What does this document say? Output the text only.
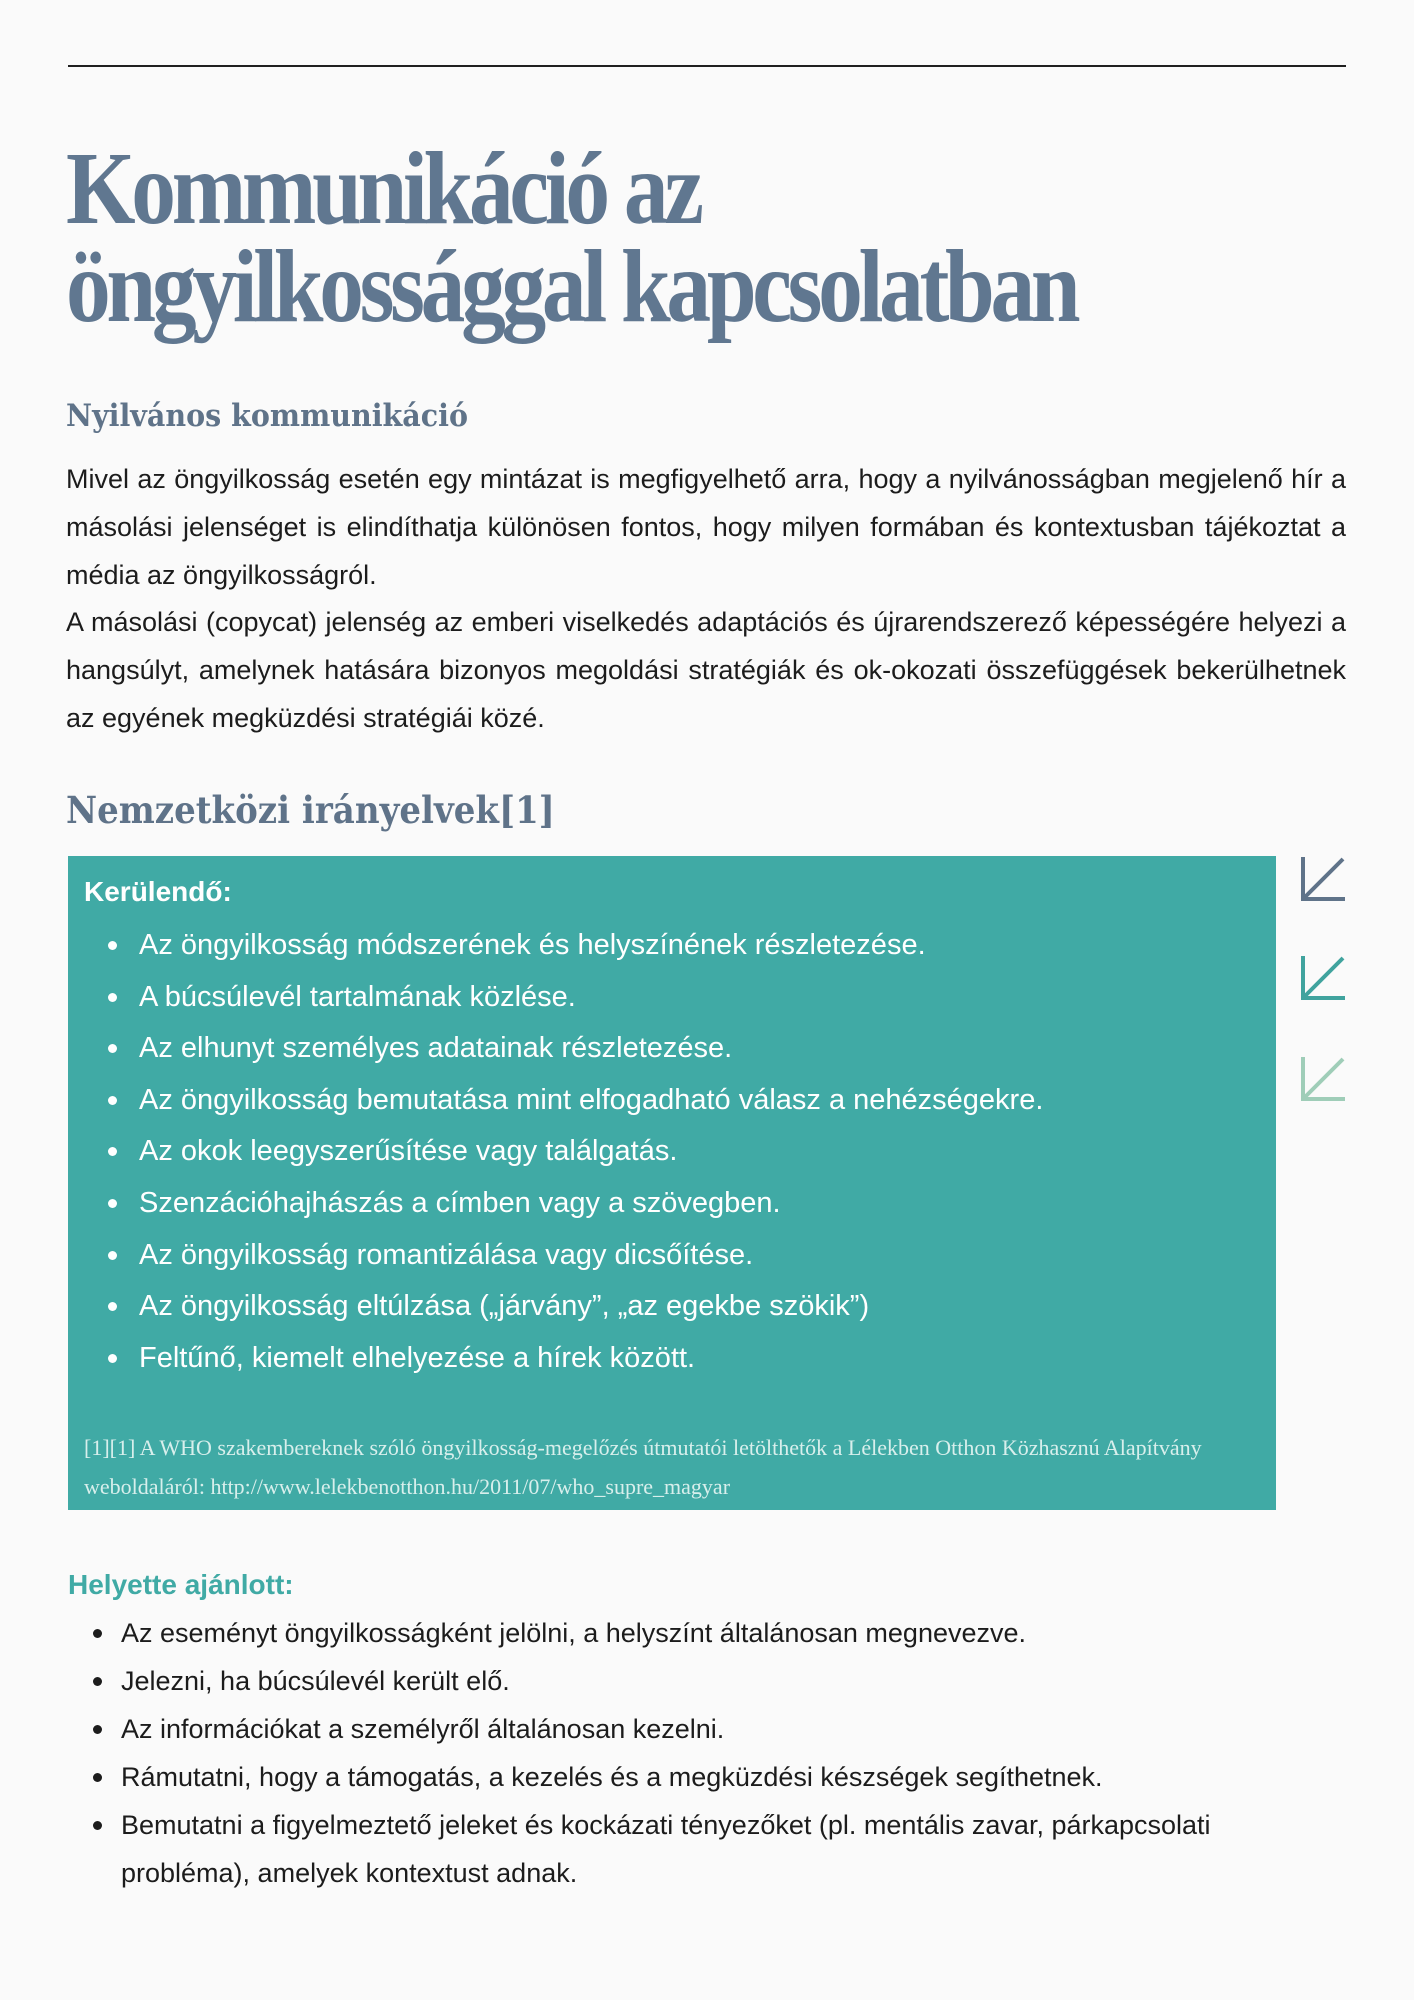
Kommunikáció az
öngyilkossággal kapcsolatban
Nyilvános kommunikáció

Mivel az öngyilkosság esetén egy mintázat is megfigyelhető arra, hogy a nyilvánosságban megjelenő hír a másolási jelenséget is elindíthatja különösen fontos, hogy milyen formában és kontextusban tájékoztat a média az öngyilkosságról.

A másolási (copycat) jelenség az emberi viselkedés adaptációs és újrarendszerező képességére helyezi a hangsúlyt, amelynek hatására bizonyos megoldási stratégiák és ok-okozati összefüggések bekerülhetnek az egyének megküzdési stratégiái közé.

Nemzetközi irányelvek[1]
Kerülendő:
Az öngyilkosság módszerének és helyszínének részletezése.
A búcsúlevél tartalmának közlése.
Az elhunyt személyes adatainak részletezése.
Az öngyilkosság bemutatása mint elfogadható válasz a nehézségekre.
Az okok leegyszerűsítése vagy találgatás.
Szenzációhajhászás a címben vagy a szövegben.
Az öngyilkosság romantizálása vagy dicsőítése.
Az öngyilkosság eltúlzása („járvány”, „az egekbe szökik”)
Feltűnő, kiemelt elhelyezése a hírek között.

[1][1] A WHO szakembereknek szóló öngyilkosság-megelőzés útmutatói letölthetők a Lélekben Otthon Közhasznú Alapítvány weboldaláról: http://www.lelekbenotthon.hu/2011/07/who_supre_magyar

Helyette ajánlott:
Az eseményt öngyilkosságként jelölni, a helyszínt általánosan megnevezve.
Jelezni, ha búcsúlevél került elő.
Az információkat a személyről általánosan kezelni.
Rámutatni, hogy a támogatás, a kezelés és a megküzdési készségek segíthetnek.
Bemutatni a figyelmeztető jeleket és kockázati tényezőket (pl. mentális zavar, párkapcsolati probléma), amelyek kontextust adnak.
